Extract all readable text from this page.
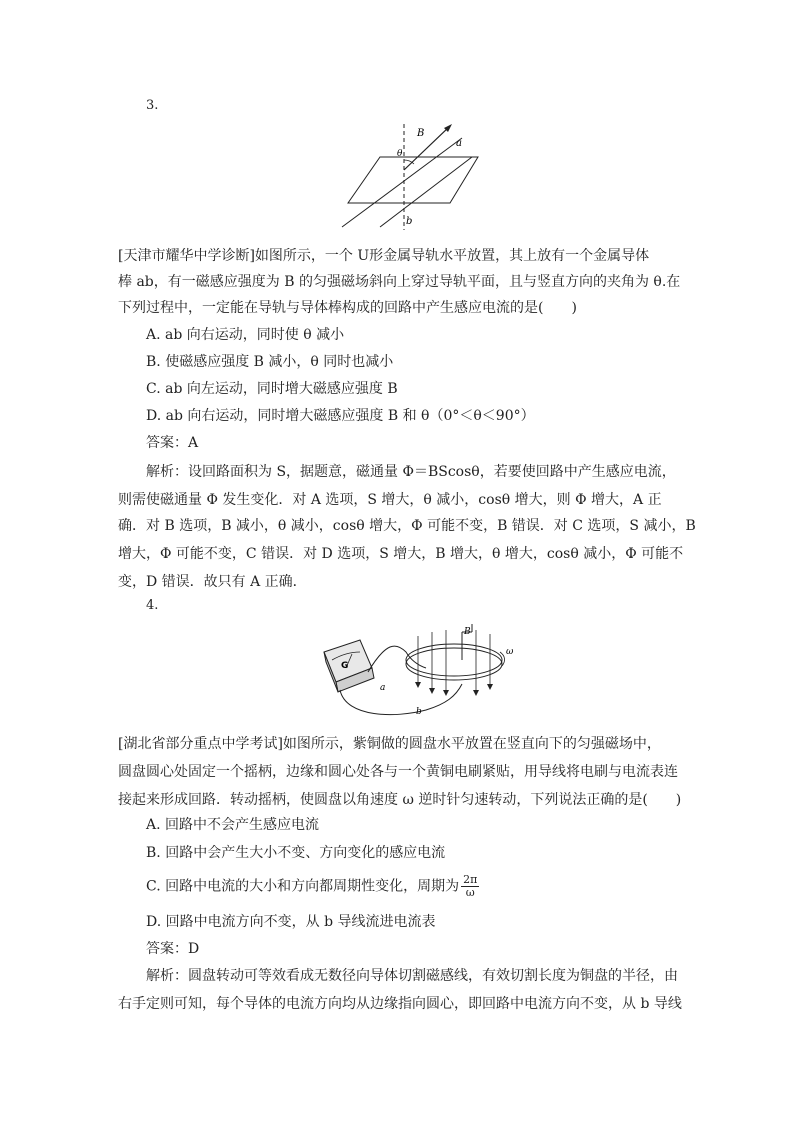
3.
B
θ
a
b
[天津市耀华中学诊断]如图所示，一个 U形金属导轨水平放置，其上放有一个金属导体
棒 ab，有一磁感应强度为 B 的匀强磁场斜向上穿过导轨平面，且与竖直方向的夹角为 θ.在
下列过程中，一定能在导轨与导体棒构成的回路中产生感应电流的是(　　)
A. ab 向右运动，同时使 θ 减小
B. 使磁感应强度 B 减小，θ 同时也减小
C. ab 向左运动，同时增大磁感应强度 B
D. ab 向右运动，同时增大磁感应强度 B 和 θ（0°＜θ＜90°）
答案：A
解析：设回路面积为 S，据题意，磁通量 Φ＝BScosθ，若要使回路中产生感应电流，
则需使磁通量 Φ 发生变化．对 A 选项，S 增大，θ 减小，cosθ 增大，则 Φ 增大，A 正
确．对 B 选项，B 减小，θ 减小，cosθ 增大，Φ 可能不变，B 错误．对 C 选项，S 减小，B
增大，Φ 可能不变，C 错误．对 D 选项，S 增大，B 增大，θ 增大，cosθ 减小，Φ 可能不
变，D 错误．故只有 A 正确．
4.
G
a
b
B
ω
[湖北省部分重点中学考试]如图所示，紫铜做的圆盘水平放置在竖直向下的匀强磁场中，
圆盘圆心处固定一个摇柄，边缘和圆心处各与一个黄铜电刷紧贴，用导线将电刷与电流表连
接起来形成回路．转动摇柄，使圆盘以角速度 ω 逆时针匀速转动，下列说法正确的是(　　)
A. 回路中不会产生感应电流
B. 回路中会产生大小不变、方向变化的感应电流
C. 回路中电流的大小和方向都周期性变化，周期为 $\frac{2\pi}{\omega}$
D. 回路中电流方向不变，从 b 导线流进电流表
答案：D
解析：圆盘转动可等效看成无数径向导体切割磁感线，有效切割长度为铜盘的半径，由
右手定则可知，每个导体的电流方向均从边缘指向圆心，即回路中电流方向不变，从 b 导线
